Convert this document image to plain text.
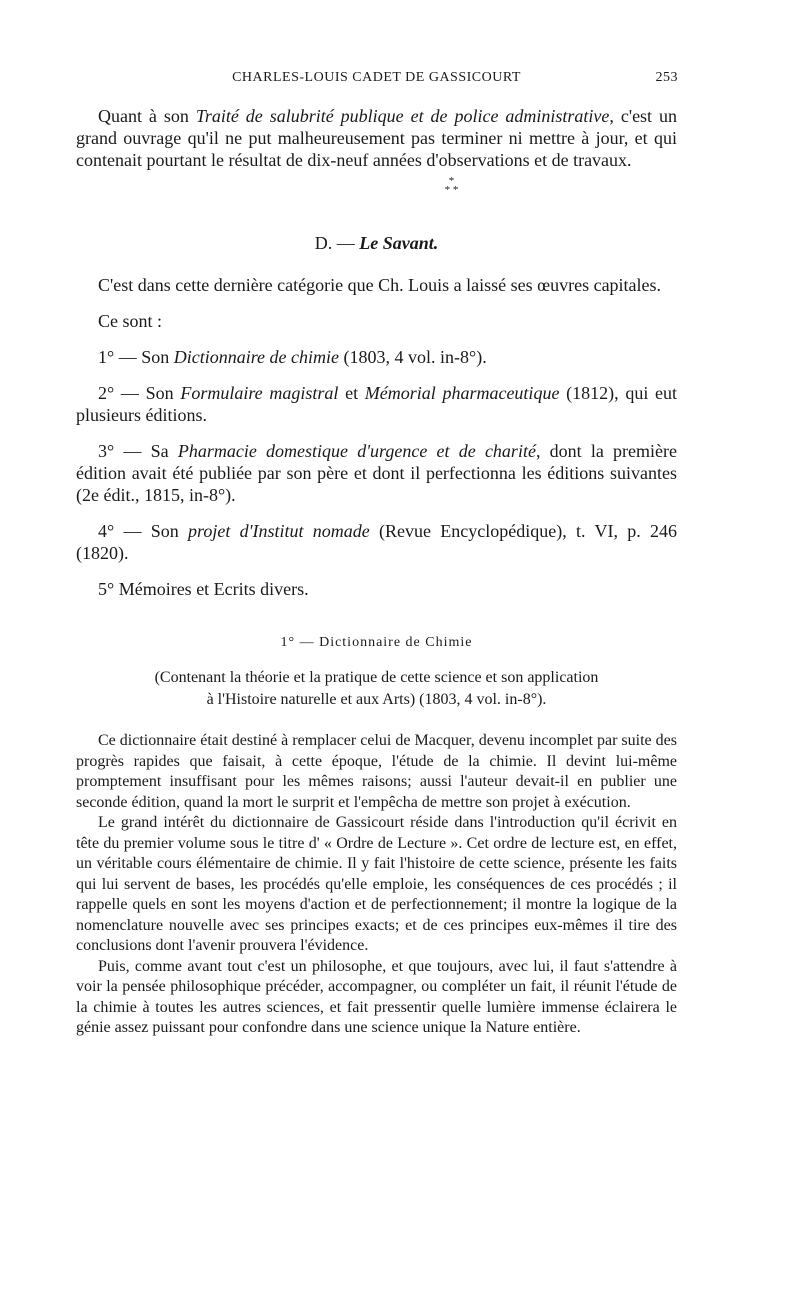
CHARLES-LOUIS CADET DE GASSICOURT	253

Quant à son Traité de salubrité publique et de police administrative, c'est un grand ouvrage qu'il ne put malheureusement pas terminer ni mettre à jour, et qui contenait pourtant le résultat de dix-neuf années d'observations et de travaux.

*
* *
D. — Le Savant.

C'est dans cette dernière catégorie que Ch. Louis a laissé ses œuvres capitales.

Ce sont :

1° — Son Dictionnaire de chimie (1803, 4 vol. in-8°).

2° — Son Formulaire magistral et Mémorial pharmaceutique (1812), qui eut plusieurs éditions.

3° — Sa Pharmacie domestique d'urgence et de charité, dont la première édition avait été publiée par son père et dont il perfectionna les éditions suivantes (2e édit., 1815, in-8°).

4° — Son projet d'Institut nomade (Revue Encyclopédique), t. VI, p. 246 (1820).

5° Mémoires et Ecrits divers.

1° — Dictionnaire de Chimie
(Contenant la théorie et la pratique de cette science et son application
à l'Histoire naturelle et aux Arts) (1803, 4 vol. in-8°).

Ce dictionnaire était destiné à remplacer celui de Macquer, devenu incomplet par suite des progrès rapides que faisait, à cette époque, l'étude de la chimie. Il devint lui-même promptement insuffisant pour les mêmes raisons; aussi l'auteur devait-il en publier une seconde édition, quand la mort le surprit et l'empêcha de mettre son projet à exécution.

Le grand intérêt du dictionnaire de Gassicourt réside dans l'introduction qu'il écrivit en tête du premier volume sous le titre d' « Ordre de Lecture ». Cet ordre de lecture est, en effet, un véritable cours élémentaire de chimie. Il y fait l'histoire de cette science, présente les faits qui lui servent de bases, les procédés qu'elle emploie, les conséquences de ces procédés ; il rappelle quels en sont les moyens d'action et de perfectionnement; il montre la logique de la nomenclature nouvelle avec ses principes exacts; et de ces principes eux-mêmes il tire des conclusions dont l'avenir prouvera l'évidence.

Puis, comme avant tout c'est un philosophe, et que toujours, avec lui, il faut s'attendre à voir la pensée philosophique précéder, accompagner, ou compléter un fait, il réunit l'étude de la chimie à toutes les autres sciences, et fait pressentir quelle lumière immense éclairera le génie assez puissant pour confondre dans une science unique la Nature entière.
